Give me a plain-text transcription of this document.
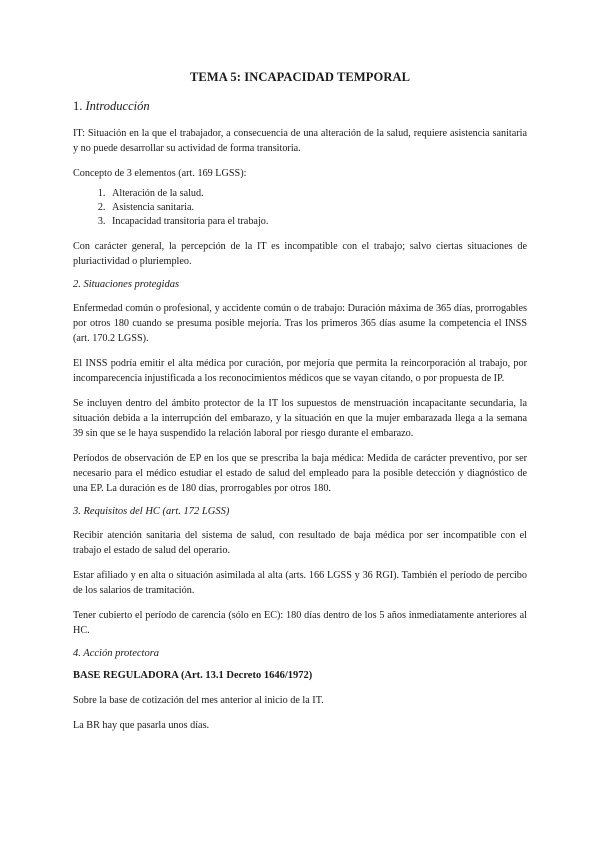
TEMA 5: INCAPACIDAD TEMPORAL
1. Introducción

IT: Situación en la que el trabajador, a consecuencia de una alteración de la salud, requiere asistencia sanitaria y no puede desarrollar su actividad de forma transitoria.

Concepto de 3 elementos (art. 169 LGSS):

1. Alteración de la salud.
2. Asistencia sanitaria.
3. Incapacidad transitoria para el trabajo.

Con carácter general, la percepción de la IT es incompatible con el trabajo; salvo ciertas situaciones de pluriactividad o pluriempleo.

2. Situaciones protegidas

Enfermedad común o profesional, y accidente común o de trabajo: Duración máxima de 365 días, prorrogables por otros 180 cuando se presuma posible mejoría. Tras los primeros 365 días asume la competencia el INSS (art. 170.2 LGSS).

El INSS podría emitir el alta médica por curación, por mejoría que permita la reincorporación al trabajo, por incomparecencia injustificada a los reconocimientos médicos que se vayan citando, o por propuesta de IP.

Se incluyen dentro del ámbito protector de la IT los supuestos de menstruación incapacitante secundaria, la situación debida a la interrupción del embarazo, y la situación en que la mujer embarazada llega a la semana 39 sin que se le haya suspendido la relación laboral por riesgo durante el embarazo.

Períodos de observación de EP en los que se prescriba la baja médica: Medida de carácter preventivo, por ser necesario para el médico estudiar el estado de salud del empleado para la posible detección y diagnóstico de una EP. La duración es de 180 días, prorrogables por otros 180.

3. Requisitos del HC (art. 172 LGSS)

Recibir atención sanitaria del sistema de salud, con resultado de baja médica por ser incompatible con el trabajo el estado de salud del operario.

Estar afiliado y en alta o situación asimilada al alta (arts. 166 LGSS y 36 RGI). También el período de percibo de los salarios de tramitación.

Tener cubierto el período de carencia (sólo en EC): 180 días dentro de los 5 años inmediatamente anteriores al HC.

4. Acción protectora
BASE REGULADORA (Art. 13.1 Decreto 1646/1972)

Sobre la base de cotización del mes anterior al inicio de la IT.

La BR hay que pasarla unos días.
